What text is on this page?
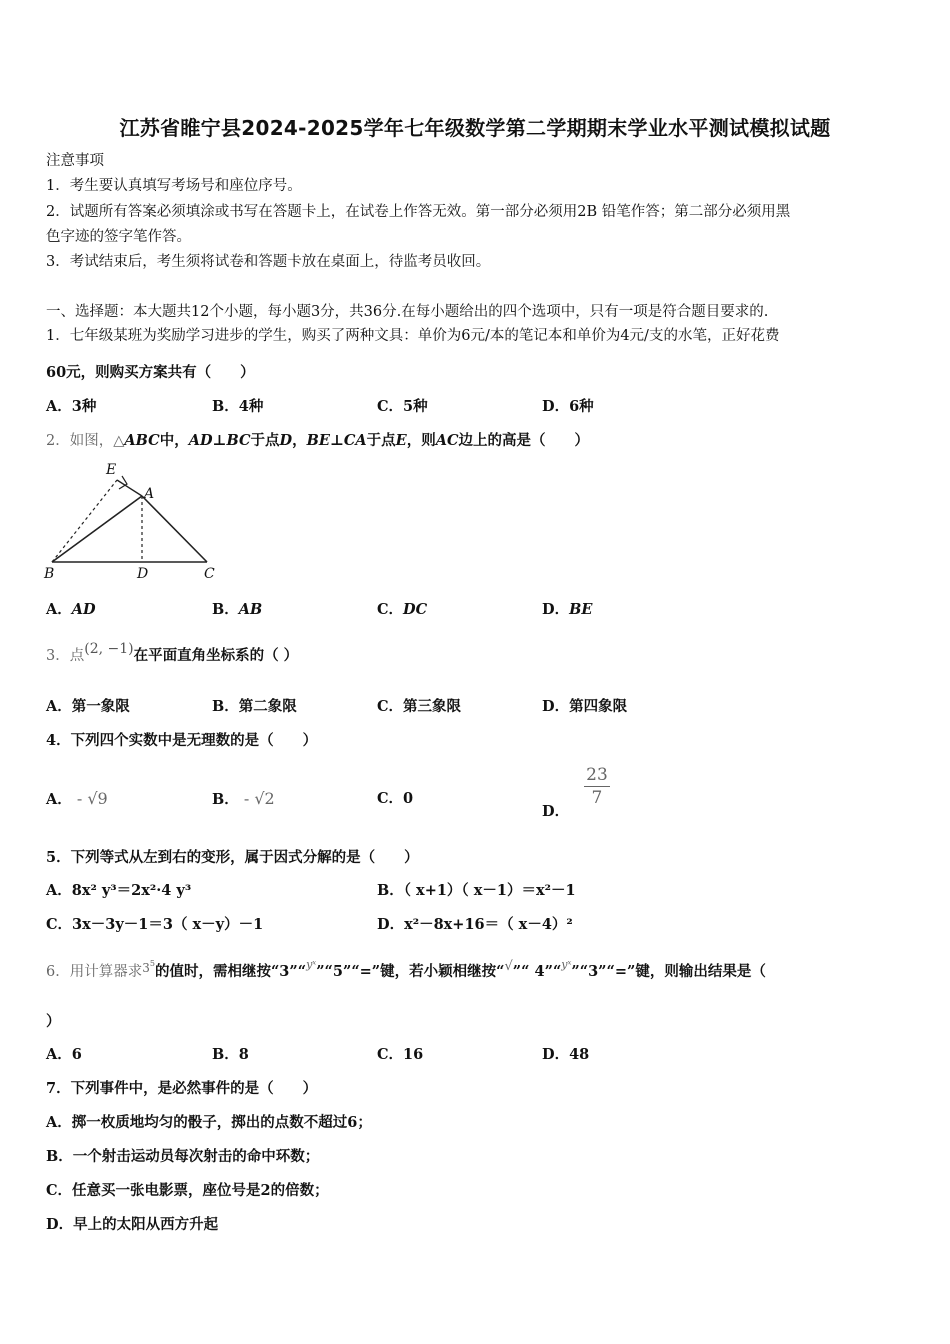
江苏省睢宁县2024-2025学年七年级数学第二学期期末学业水平测试模拟试题
注意事项
1．考生要认真填写考场号和座位序号。
2．试题所有答案必须填涂或书写在答题卡上，在试卷上作答无效。第一部分必须用2B 铅笔作答；第二部分必须用黑
色字迹的签字笔作答。
3．考试结束后，考生须将试卷和答题卡放在桌面上，待监考员收回。
一、选择题：本大题共12个小题，每小题3分，共36分.在每小题给出的四个选项中，只有一项是符合题目要求的.
1．七年级某班为奖励学习进步的学生，购买了两种文具：单价为6元/本的笔记本和单价为4元/支的水笔，正好花费
60元，则购买方案共有（　　）
A．3种	B．4种	C．5种	D．6种
2．如图，△ABC中，AD⊥BC于点D，BE⊥CA于点E，则AC边上的高是（　　）
E
A
B	D	C
A．AD	B．AB	C．DC	D．BE
3．点(2, −1)在平面直角坐标系的（ ）
A．第一象限	B．第二象限	C．第三象限	D．第四象限
4．下列四个实数中是无理数的是（　　）
A． - √9	B． - √2	C．0
D．
$\frac{23}{7}$
5．下列等式从左到右的变形，属于因式分解的是（　　）
A．8x² y³＝2x²·4 y³	B．（ x+1）（ x－1）＝x²－1
C．3x－3y－1＝3（ x－y）－1	D．x²－8x+16＝（ x－4）²
6．用计算器求$^{35}$的值时，需相继按“3”“$^{yˣ}$”“5”“=”键，若小颖相继按“√”“ 4”“$^{yˣ}$”“3”“=”键，则输出结果是（
）
A．6	B．8	C．16	D．48
7．下列事件中，是必然事件的是（　　）
A．掷一枚质地均匀的骰子，掷出的点数不超过6；
B．一个射击运动员每次射击的命中环数；
C．任意买一张电影票，座位号是2的倍数；
D．早上的太阳从西方升起
